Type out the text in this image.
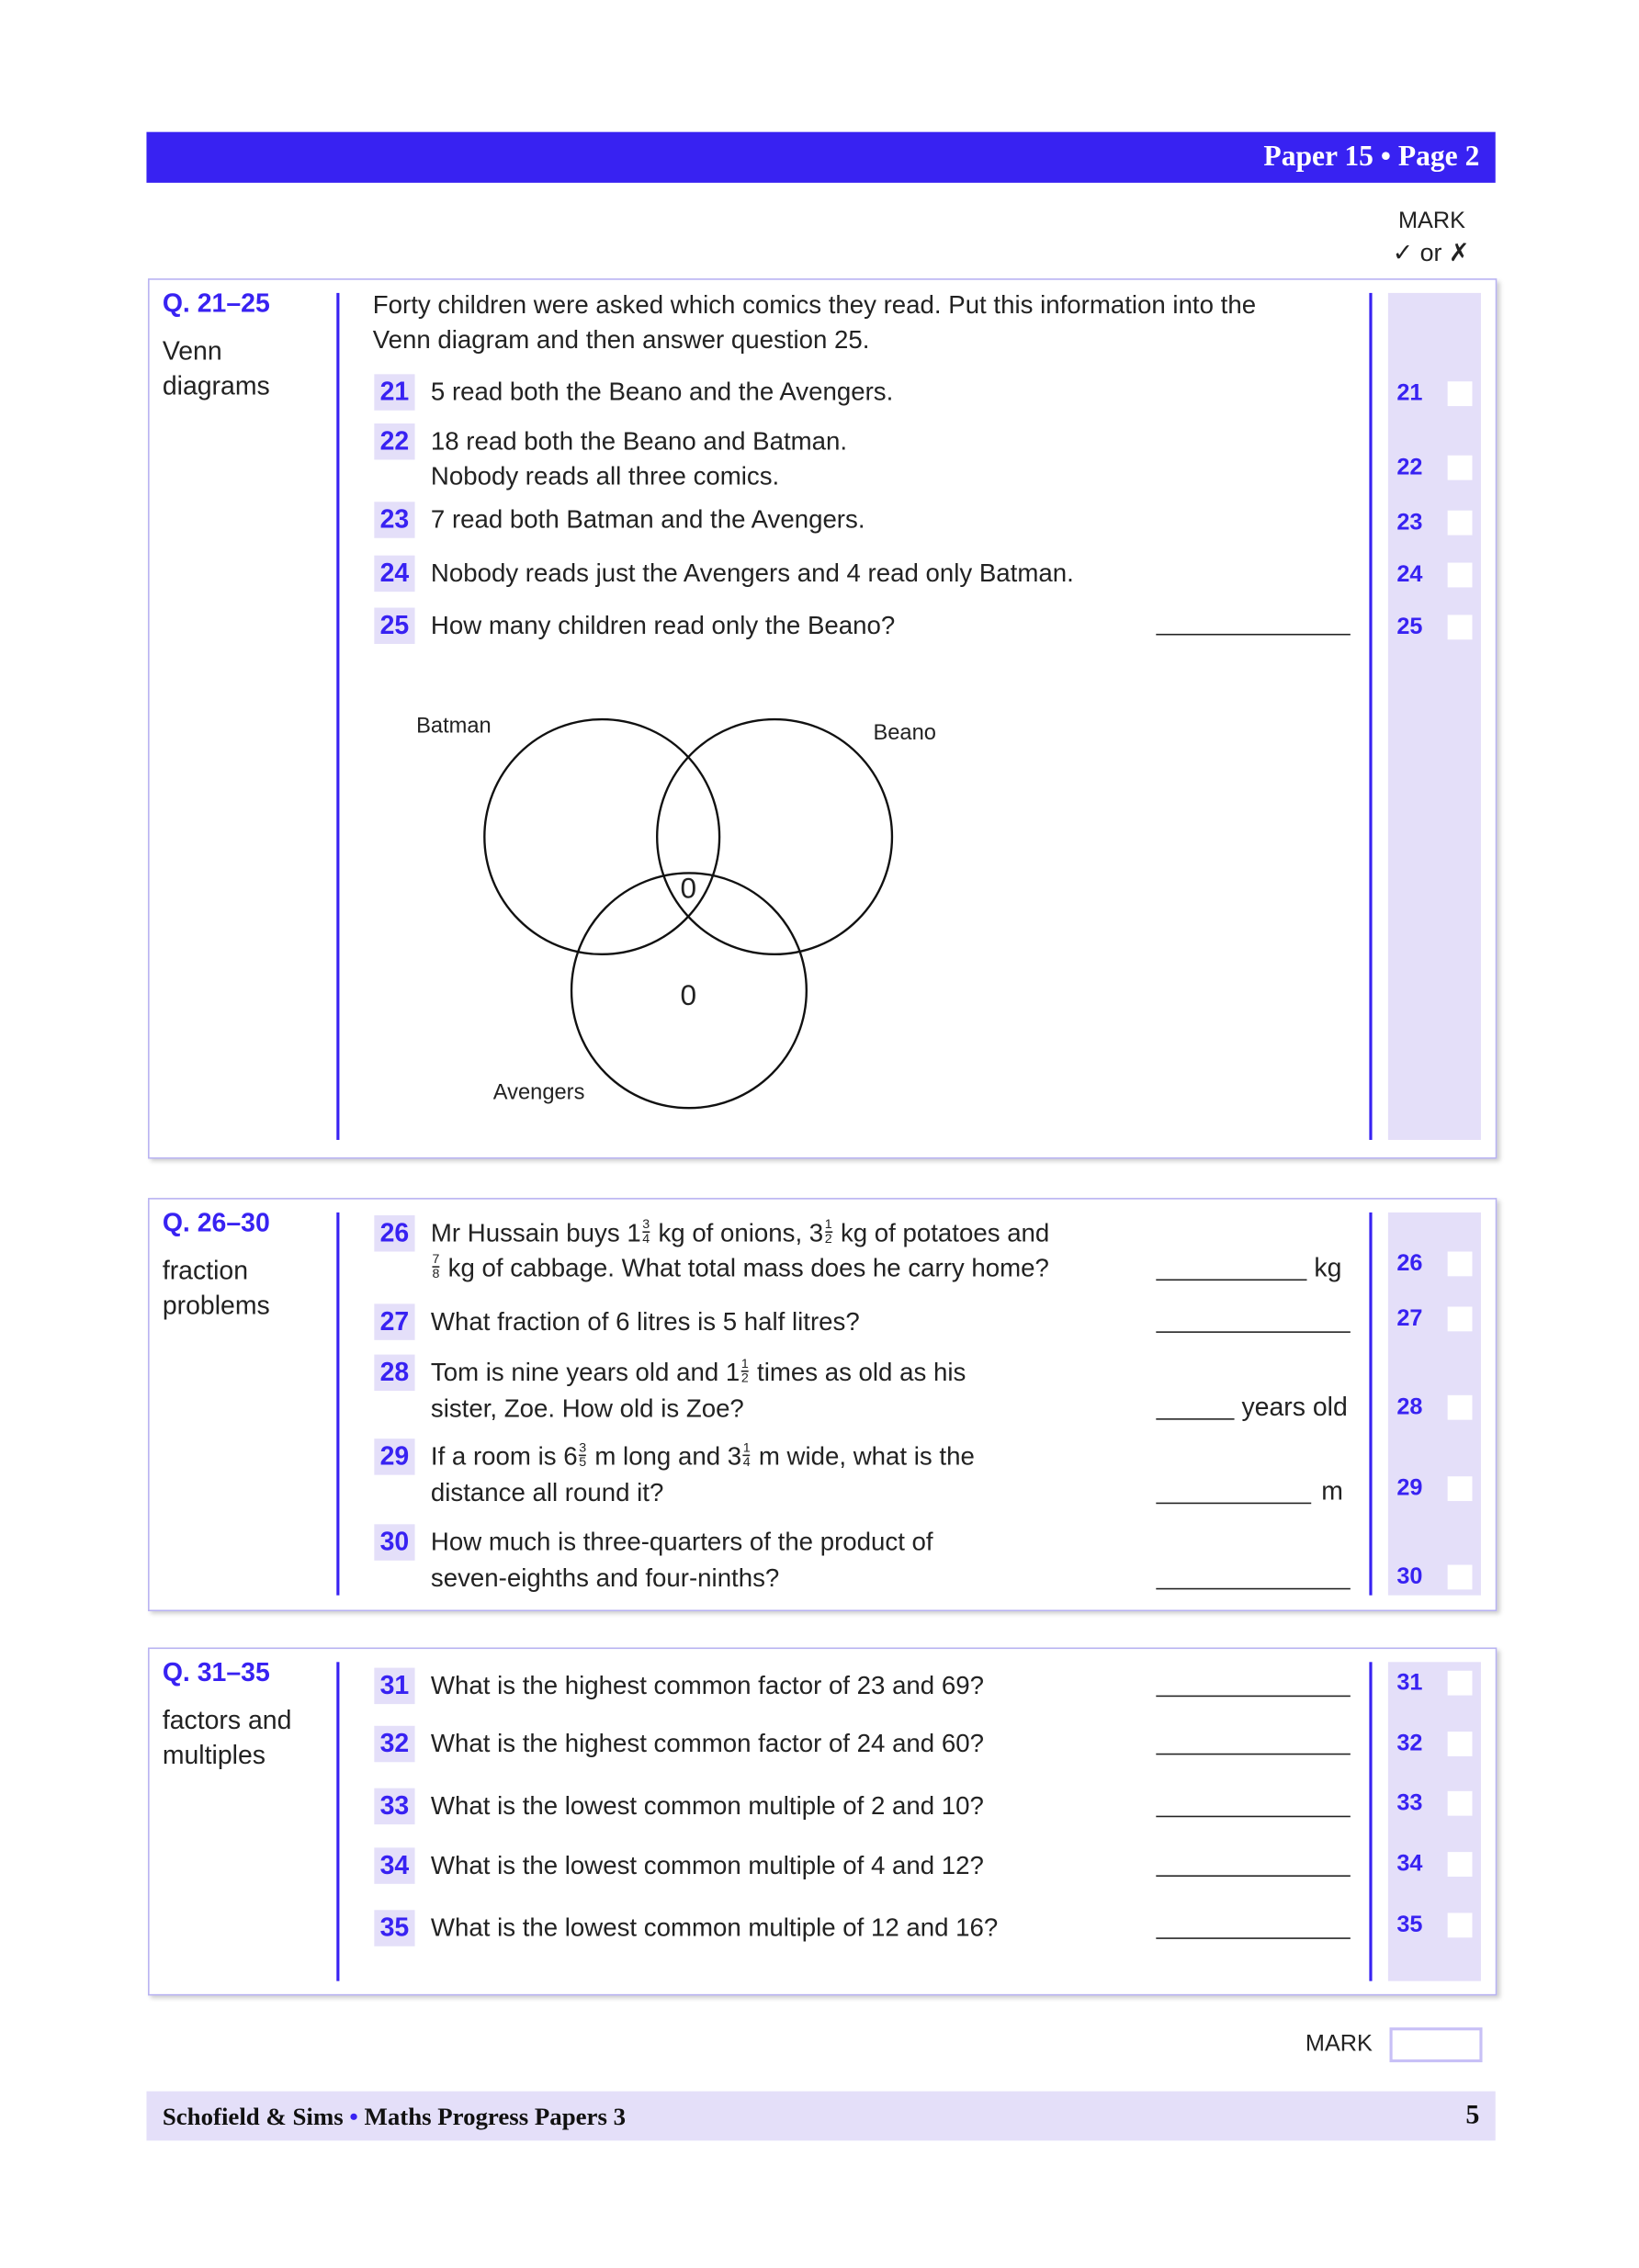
Paper 15 • Page 2
MARK
✓ or ✗
Q. 21–25
Venn diagrams
Forty children were asked which comics they read. Put this information into the
Venn diagram and then answer question 25.
21	5 read both the Beano and the Avengers.	21
22	18 read both the Beano and Batman.
Nobody reads all three comics.	22
23	7 read both Batman and the Avengers.	23
24	Nobody reads just the Avengers and 4 read only Batman.	24
25	How many children read only the Beano?	25
Q. 26–30
fraction problems
26	Mr Hussain buys $1 \frac{3}{4}$ kg of onions, $3 \frac{1}{2}$ kg of potatoes and
$\frac{7}{8}$ kg of cabbage. What total mass does he carry home?	kg	26
27	What fraction of 6 litres is 5 half litres?	27
28	Tom is nine years old and $1 \frac{1}{2}$ times as old as his
sister, Zoe. How old is Zoe?	years old	28
29	If a room is $6 \frac{3}{5}$ m long and $3 \frac{1}{4}$ m wide, what is the
distance all round it?	m	29
30	How much is three-quarters of the product of
seven-eighths and four-ninths?	30
Q. 31–35
factors and multiples
31	What is the highest common factor of 23 and 69?	31
32	What is the highest common factor of 24 and 60?	32
33	What is the lowest common multiple of 2 and 10?	33
34	What is the lowest common multiple of 4 and 12?	34
35	What is the lowest common multiple of 12 and 16?	35
Batman	Beano
Avengers
0
0
MARK
Schofield & Sims • Maths Progress Papers 3	5
